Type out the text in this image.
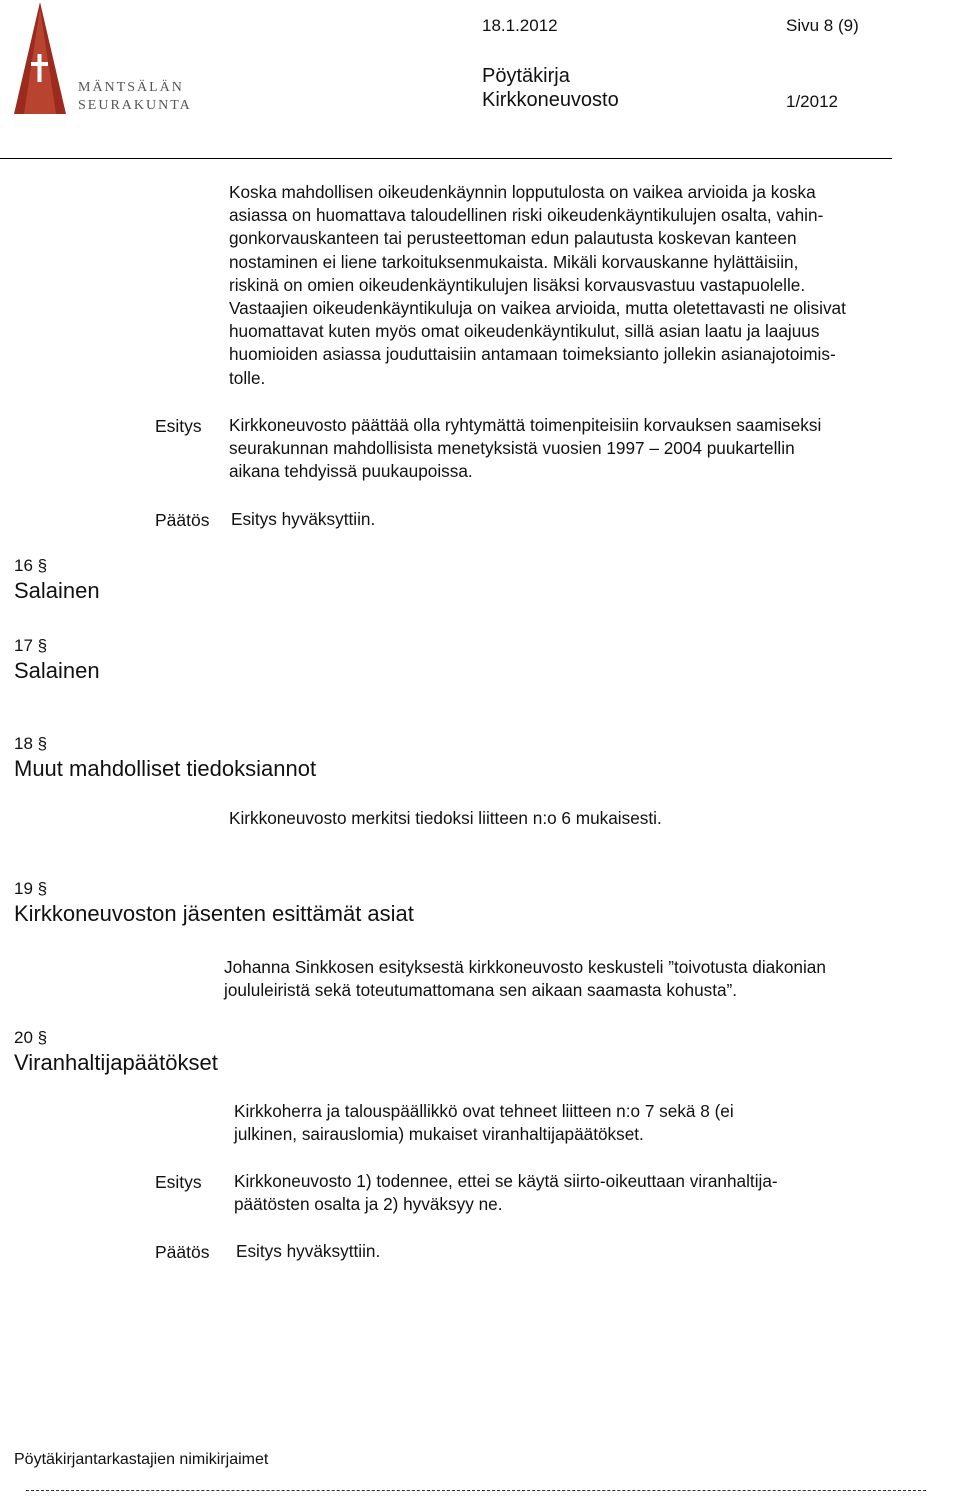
MÄNTSÄLÄN
SEURAKUNTA
18.1.2012	Sivu 8 (9)
Pöytäkirja
Kirkkoneuvosto	1/2012
Koska mahdollisen oikeudenkäynnin lopputulosta on vaikea arvioida ja koska
asiassa on huomattava taloudellinen riski oikeudenkäyntikulujen osalta, vahin-
gonkorvauskanteen tai perusteettoman edun palautusta koskevan kanteen
nostaminen ei liene tarkoituksenmukaista. Mikäli korvauskanne hylättäisiin,
riskinä on omien oikeudenkäyntikulujen lisäksi korvausvastuu vastapuolelle.
Vastaajien oikeudenkäyntikuluja on vaikea arvioida, mutta oletettavasti ne olisivat
huomattavat kuten myös omat oikeudenkäyntikulut, sillä asian laatu ja laajuus
huomioiden asiassa jouduttaisiin antamaan toimeksianto jollekin asianajotoimis-
tolle.
Esitys Kirkkoneuvosto päättää olla ryhtymättä toimenpiteisiin korvauksen saamiseksi
seurakunnan mahdollisista menetyksistä vuosien 1997 – 2004 puukartellin
aikana tehdyissä puukaupoissa.
Päätös Esitys hyväksyttiin.
16 §
Salainen
17 §
Salainen
18 §
Muut mahdolliset tiedoksiannot
Kirkkoneuvosto merkitsi tiedoksi liitteen n:o 6 mukaisesti.
19 §
Kirkkoneuvoston jäsenten esittämät asiat
Johanna Sinkkosen esityksestä kirkkoneuvosto keskusteli ”toivotusta diakonian
joululeiristä sekä toteutumattomana sen aikaan saamasta kohusta”.
20 §
Viranhaltijapäätökset
Kirkkoherra ja talouspäällikkö ovat tehneet liitteen n:o 7 sekä 8 (ei
julkinen, sairauslomia) mukaiset viranhaltijapäätökset.
Esitys Kirkkoneuvosto 1) todennee, ettei se käytä siirto-oikeuttaan viranhaltija-
päätösten osalta ja 2) hyväksyy ne.
Päätös Esitys hyväksyttiin.
Pöytäkirjantarkastajien nimikirjaimet
